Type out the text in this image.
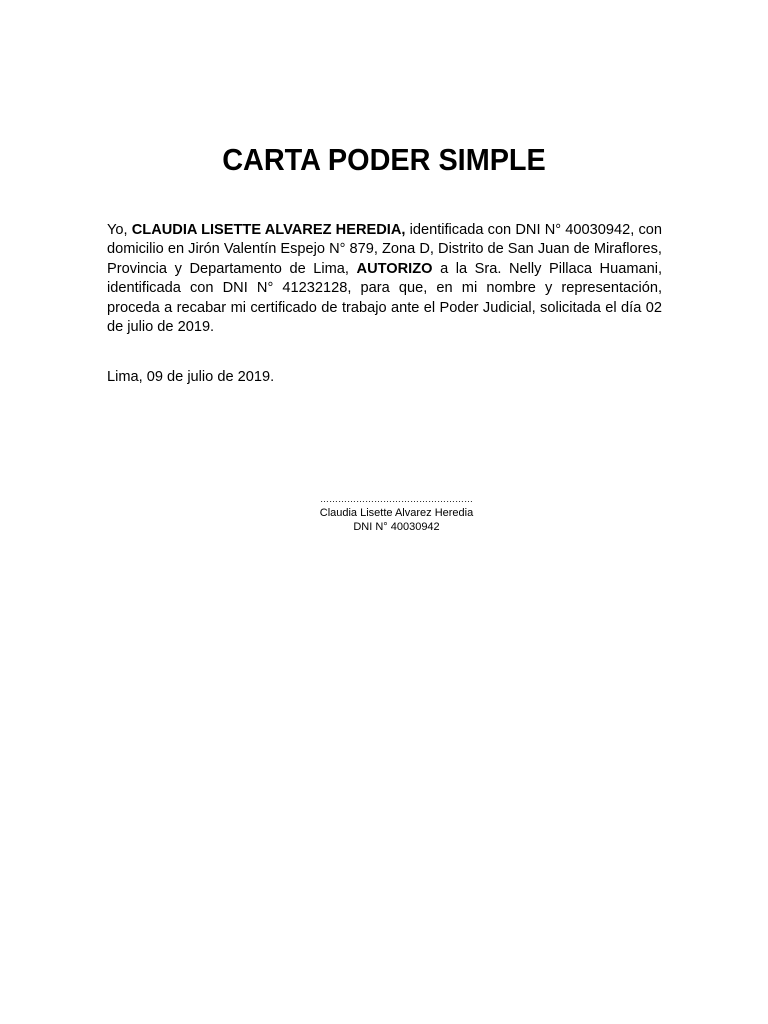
CARTA PODER SIMPLE

Yo, CLAUDIA LISETTE ALVAREZ HEREDIA, identificada con DNI N° 40030942, con domicilio en Jirón Valentín Espejo N° 879, Zona D, Distrito de San Juan de Miraflores, Provincia y Departamento de Lima, AUTORIZO a la Sra. Nelly Pillaca Huamani, identificada con DNI N° 41232128, para que, en mi nombre y representación, proceda a recabar mi certificado de trabajo ante el Poder Judicial, solicitada el día 02 de julio de 2019.

Lima, 09 de julio de 2019.
……………………………………………
Claudia Lisette Alvarez Heredia
DNI N° 40030942
